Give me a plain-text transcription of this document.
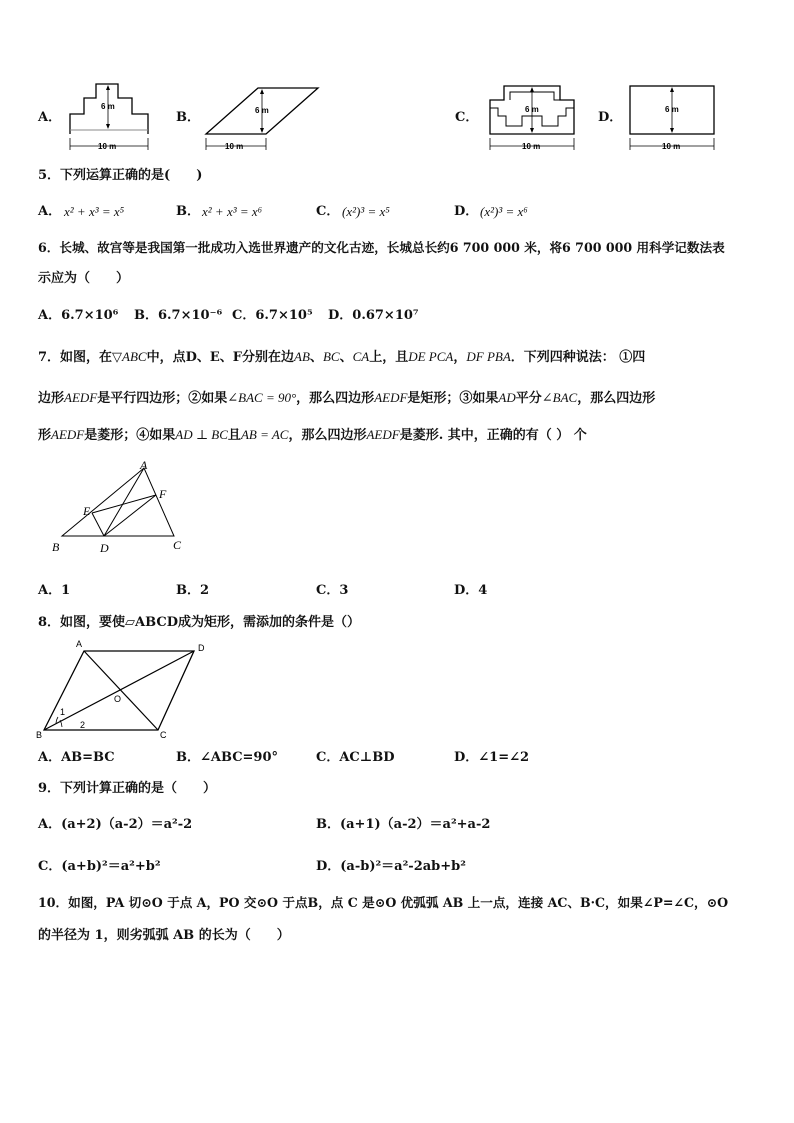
A．
6 m
10 m
B．	6 m
10 m
C．
6 m
10 m
D．
6 m
10 m
5．下列运算正确的是(　　)
A． x² + x³ = x⁵	B． x² + x³ = x⁶	C． (x²)³ = x⁵	D． (x²)³ = x⁶
6．长城、故宫等是我国第一批成功入选世界遗产的文化古迹，长城总长约6 700 000 米，将6 700 000 用科学记数法表
示应为（　　）
A．6.7×10⁶ B．6.7×10⁻⁶ C．6.7×10⁵ D．0.67×10⁷
7．如图，在▽ABC中，点D、E、F分别在边AB、BC、CA上，且DE PCA，DF PBA．下列四种说法： ①四
边形AEDF是平行四边形；②如果∠BAC = 90°，那么四边形AEDF是矩形；③如果AD平分∠BAC，那么四边形
形AEDF是菱形；④如果AD ⊥ BC且AB = AC，那么四边形AEDF是菱形. 其中，正确的有（ ） 个
A
B	C
D
E
F
A．1	B．2	C．3	D．4
8．如图，要使▱ABCD成为矩形，需添加的条件是（）
A	D
B	C
O
1
2
A．AB=BC	B．∠ABC=90°	C．AC⊥BD	D．∠1=∠2
9．下列计算正确的是（　　）
A．(a+2)（a-2）＝a²-2	B．(a+1)（a-2）＝a²+a-2
C．(a+b)²＝a²+b²	D．(a-b)²＝a²-2ab+b²
10．如图，PA 切⊙O 于点 A，PO 交⊙O 于点B，点 C 是⊙O 优弧弧 AB 上一点，连接 AC、B·C，如果∠P=∠C，⊙O
的半径为 1，则劣弧弧 AB 的长为（　　）
